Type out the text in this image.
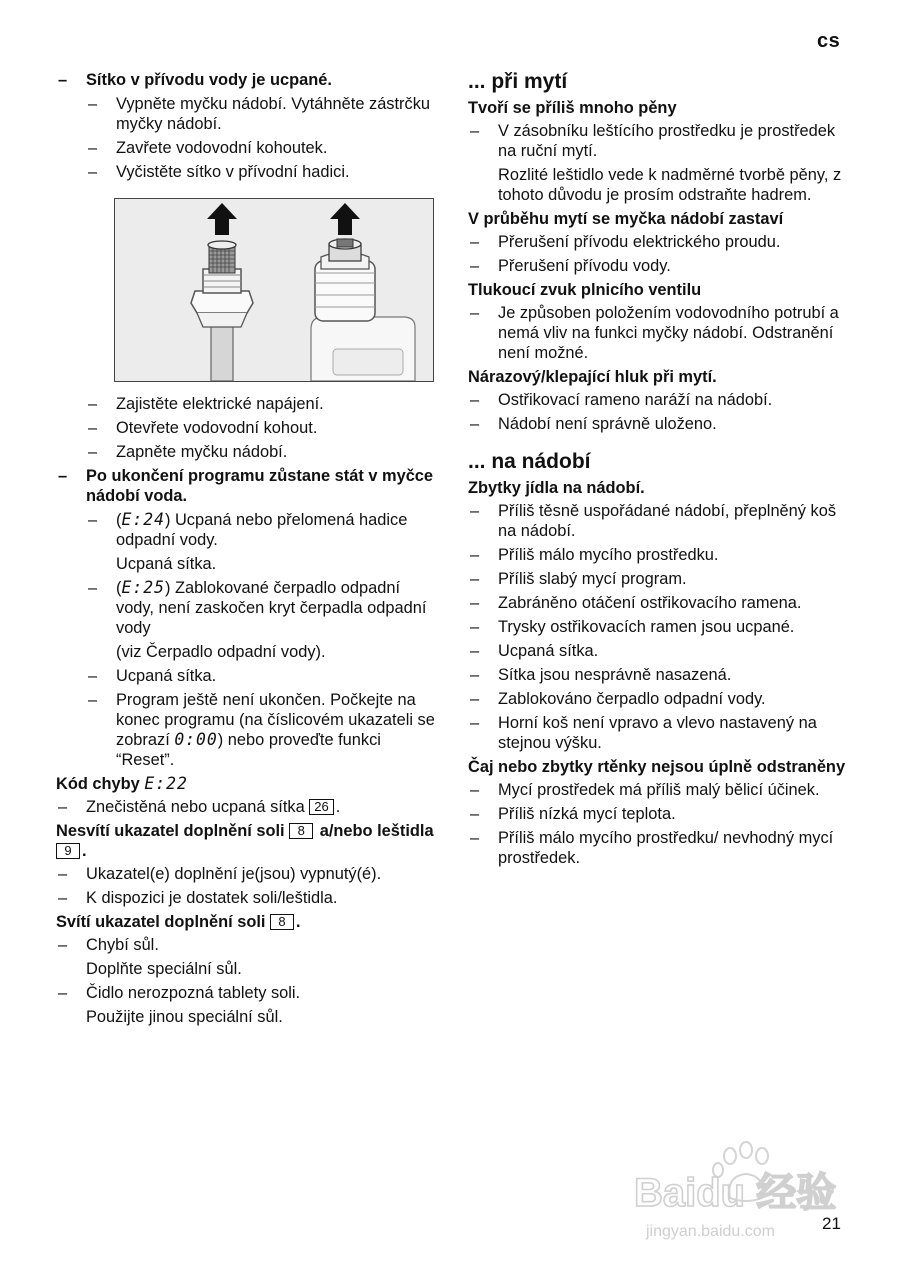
cs
– Sítko v přívodu vody je ucpané.
– Vypněte myčku nádobí. Vytáhněte zástrčku myčky nádobí.
– Zavřete vodovodní kohoutek.
– Vyčistěte sítko v přívodní hadici.
– Zajistěte elektrické napájení.
– Otevřete vodovodní kohout.
– Zapněte myčku nádobí.
– Po ukončení programu zůstane stát v myčce nádobí voda.
– (E:24) Ucpaná nebo přelomená hadice odpadní vody.
Ucpaná sítka.
– (E:25) Zablokované čerpadlo odpadní vody, není zaskočen kryt čerpadla odpadní vody
(viz Čerpadlo odpadní vody).
– Ucpaná sítka.
– Program ještě není ukončen. Počkejte na konec programu (na číslicovém ukazateli se zobrazí 0:00) nebo proveďte funkci “Reset”.
Kód chyby E:22
– Znečistěná nebo ucpaná sítka 26 .
Nesvítí ukazatel doplnění soli 8 a/nebo leštidla 9 .
– Ukazatel(e) doplnění je(jsou) vypnutý(é).
– K dispozici je dostatek soli/leštidla.
Svítí ukazatel doplnění soli 8 .
– Chybí sůl.
Doplňte speciální sůl.
– Čidlo nerozpozná tablety soli.
Použijte jinou speciální sůl.
... při mytí
Tvoří se příliš mnoho pěny
– V zásobníku leštícího prostředku je prostředek na ruční mytí.
Rozlité leštidlo vede k nadměrné tvorbě pěny, z tohoto důvodu je prosím odstraňte hadrem.
V průběhu mytí se myčka nádobí zastaví
– Přerušení přívodu elektrického proudu.
– Přerušení přívodu vody.
Tlukoucí zvuk plnicího ventilu
– Je způsoben položením vodovodního potrubí a nemá vliv na funkci myčky nádobí. Odstranění není možné.
Nárazový/klepající hluk při mytí.
– Ostřikovací rameno naráží na nádobí.
– Nádobí není správně uloženo.
... na nádobí
Zbytky jídla na nádobí.
– Příliš těsně uspořádané nádobí, přeplněný koš na nádobí.
– Příliš málo mycího prostředku.
– Příliš slabý mycí program.
– Zabráněno otáčení ostřikovacího ramena.
– Trysky ostřikovacích ramen jsou ucpané.
– Ucpaná sítka.
– Sítka jsou nesprávně nasazená.
– Zablokováno čerpadlo odpadní vody.
– Horní koš není vpravo a vlevo nastavený na stejnou výšku.
Čaj nebo zbytky rtěnky nejsou úplně odstraněny
– Mycí prostředek má příliš malý bělicí účinek.
– Příliš nízká mycí teplota.
– Příliš málo mycího prostředku/ nevhodný mycí prostředek.
Baidu 经验
jingyan.baidu.com	21
